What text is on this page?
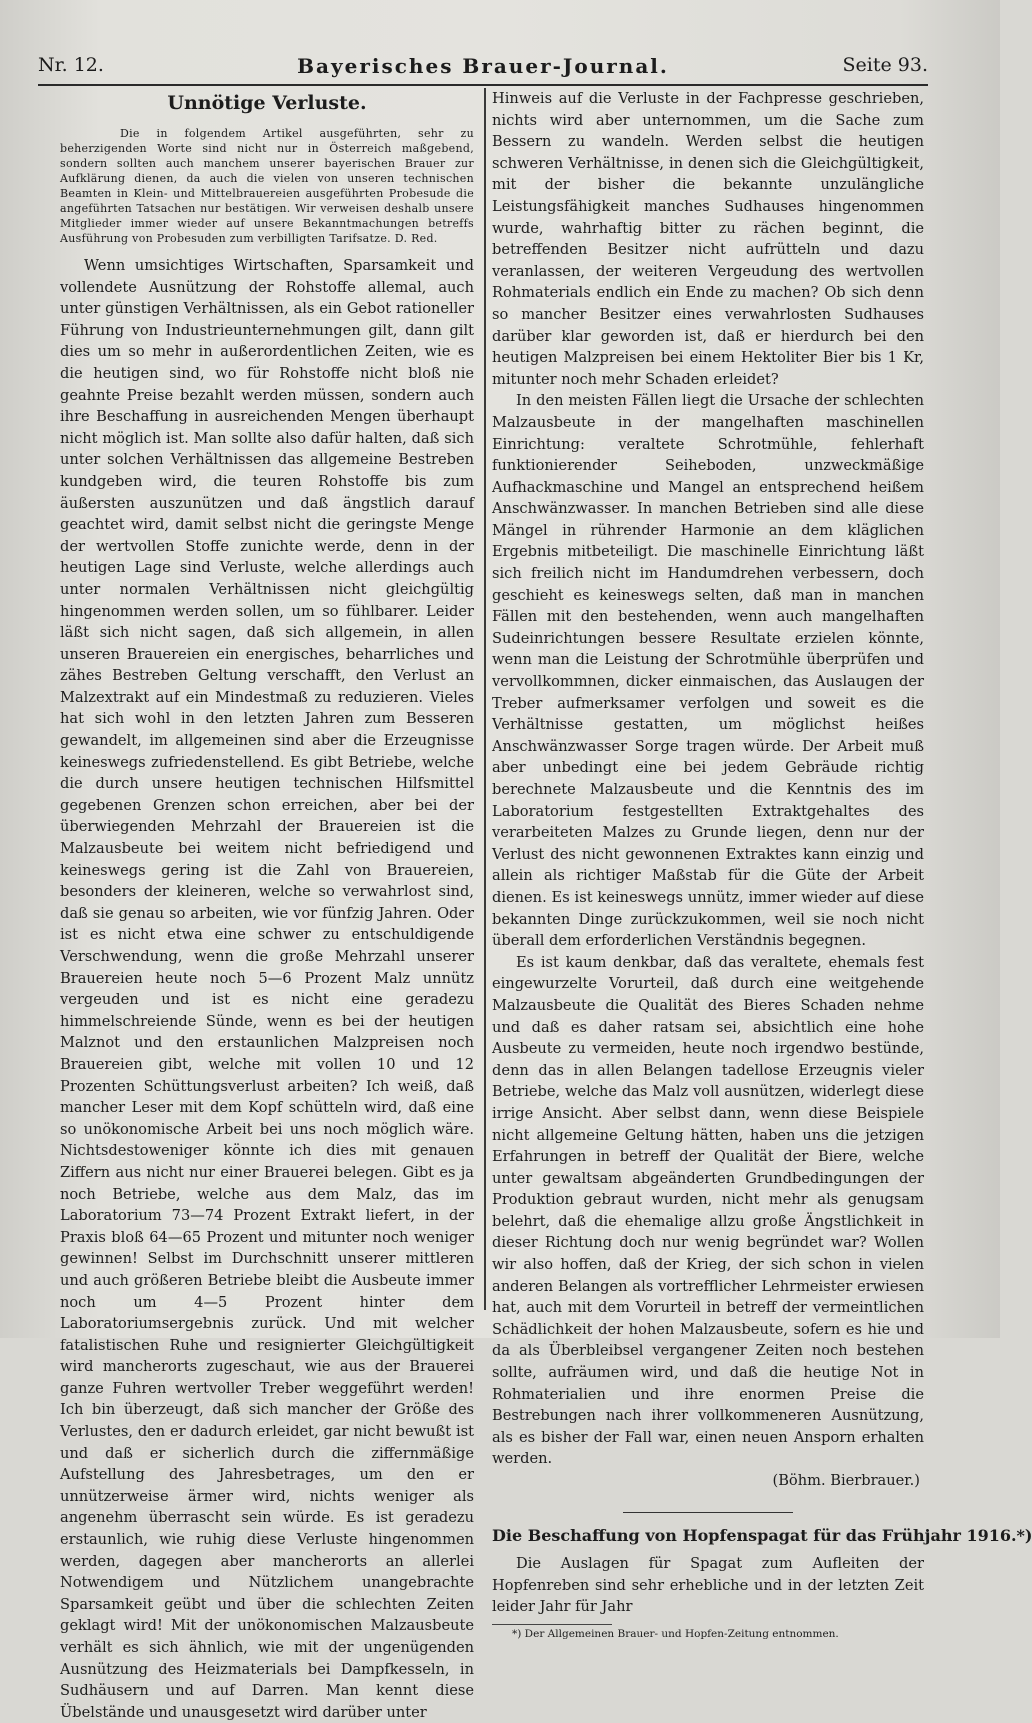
Nr. 12.	Bayerisches Brauer-Journal.	Seite 93.
Unnötige Verluste.

Die in folgendem Artikel ausgeführten, sehr zu beherzigenden Worte sind nicht nur in Österreich maßgebend, sondern sollten auch manchem unserer bayerischen Brauer zur Aufklärung dienen, da auch die vielen von unseren technischen Beamten in Klein- und Mittelbrauereien ausgeführten Probesude die angeführten Tatsachen nur bestätigen. Wir verweisen deshalb unsere Mitglieder immer wieder auf unsere Bekanntmachungen betreffs Ausführung von Probesuden zum verbilligten Tarifsatze. D. Red.

Wenn umsichtiges Wirtschaften, Sparsamkeit und vollendete Ausnützung der Rohstoffe allemal, auch unter günstigen Verhältnissen, als ein Gebot rationeller Führung von Industrieunternehmungen gilt, dann gilt dies um so mehr in außerordentlichen Zeiten, wie es die heutigen sind, wo für Rohstoffe nicht bloß nie geahnte Preise bezahlt werden müssen, sondern auch ihre Beschaffung in ausreichenden Mengen überhaupt nicht möglich ist. Man sollte also dafür halten, daß sich unter solchen Verhältnissen das allgemeine Bestreben kundgeben wird, die teuren Rohstoffe bis zum äußersten auszunützen und daß ängstlich darauf geachtet wird, damit selbst nicht die geringste Menge der wertvollen Stoffe zunichte werde, denn in der heutigen Lage sind Verluste, welche allerdings auch unter normalen Verhältnissen nicht gleichgültig hingenommen werden sollen, um so fühlbarer. Leider läßt sich nicht sagen, daß sich allgemein, in allen unseren Brauereien ein energisches, beharrliches und zähes Bestreben Geltung verschafft, den Verlust an Malzextrakt auf ein Mindestmaß zu reduzieren. Vieles hat sich wohl in den letzten Jahren zum Besseren gewandelt, im allgemeinen sind aber die Erzeugnisse keineswegs zufriedenstellend. Es gibt Betriebe, welche die durch unsere heutigen technischen Hilfsmittel gegebenen Grenzen schon erreichen, aber bei der überwiegenden Mehrzahl der Brauereien ist die Malzausbeute bei weitem nicht befriedigend und keineswegs gering ist die Zahl von Brauereien, besonders der kleineren, welche so verwahrlost sind, daß sie genau so arbeiten, wie vor fünfzig Jahren. Oder ist es nicht etwa eine schwer zu entschuldigende Verschwendung, wenn die große Mehrzahl unserer Brauereien heute noch 5—6 Prozent Malz unnütz vergeuden und ist es nicht eine geradezu himmelschreiende Sünde, wenn es bei der heutigen Malznot und den erstaunlichen Malzpreisen noch Brauereien gibt, welche mit vollen 10 und 12 Prozenten Schüttungsverlust arbeiten? Ich weiß, daß mancher Leser mit dem Kopf schütteln wird, daß eine so unökonomische Arbeit bei uns noch möglich wäre. Nichtsdestoweniger könnte ich dies mit genauen Ziffern aus nicht nur einer Brauerei belegen. Gibt es ja noch Betriebe, welche aus dem Malz, das im Laboratorium 73—74 Prozent Extrakt liefert, in der Praxis bloß 64—65 Prozent und mitunter noch weniger gewinnen! Selbst im Durchschnitt unserer mittleren und auch größeren Betriebe bleibt die Ausbeute immer noch um 4—5 Prozent hinter dem Laboratoriumsergebnis zurück. Und mit welcher fatalistischen Ruhe und resignierter Gleichgültigkeit wird mancherorts zugeschaut, wie aus der Brauerei ganze Fuhren wertvoller Treber weggeführt werden! Ich bin überzeugt, daß sich mancher der Größe des Verlustes, den er dadurch erleidet, gar nicht bewußt ist und daß er sicherlich durch die ziffernmäßige Aufstellung des Jahresbetrages, um den er unnützerweise ärmer wird, nichts weniger als angenehm überrascht sein würde. Es ist geradezu erstaunlich, wie ruhig diese Verluste hingenommen werden, dagegen aber mancherorts an allerlei Notwendigem und Nützlichem unangebrachte Sparsamkeit geübt und über die schlechten Zeiten geklagt wird! Mit der unökonomischen Malzausbeute verhält es sich ähnlich, wie mit der ungenügenden Ausnützung des Heizmaterials bei Dampfkesseln, in Sudhäusern und auf Darren. Man kennt diese Übelstände und unausgesetzt wird darüber unter

Hinweis auf die Verluste in der Fachpresse geschrieben, nichts wird aber unternommen, um die Sache zum Bessern zu wandeln. Werden selbst die heutigen schweren Verhältnisse, in denen sich die Gleichgültigkeit, mit der bisher die bekannte unzulängliche Leistungsfähigkeit manches Sudhauses hingenommen wurde, wahrhaftig bitter zu rächen beginnt, die betreffenden Besitzer nicht aufrütteln und dazu veranlassen, der weiteren Vergeudung des wertvollen Rohmaterials endlich ein Ende zu machen? Ob sich denn so mancher Besitzer eines verwahrlosten Sudhauses darüber klar geworden ist, daß er hierdurch bei den heutigen Malzpreisen bei einem Hektoliter Bier bis 1 Kr, mitunter noch mehr Schaden erleidet?

In den meisten Fällen liegt die Ursache der schlechten Malzausbeute in der mangelhaften maschinellen Einrichtung: veraltete Schrotmühle, fehlerhaft funktionierender Seiheboden, unzweckmäßige Aufhackmaschine und Mangel an entsprechend heißem Anschwänzwasser. In manchen Betrieben sind alle diese Mängel in rührender Harmonie an dem kläglichen Ergebnis mitbeteiligt. Die maschinelle Einrichtung läßt sich freilich nicht im Handumdrehen verbessern, doch geschieht es keineswegs selten, daß man in manchen Fällen mit den bestehenden, wenn auch mangelhaften Sudeinrichtungen bessere Resultate erzielen könnte, wenn man die Leistung der Schrotmühle überprüfen und vervollkommnen, dicker einmaischen, das Auslaugen der Treber aufmerksamer verfolgen und soweit es die Verhältnisse gestatten, um möglichst heißes Anschwänzwasser Sorge tragen würde. Der Arbeit muß aber unbedingt eine bei jedem Gebräude richtig berechnete Malzausbeute und die Kenntnis des im Laboratorium festgestellten Extraktgehaltes des verarbeiteten Malzes zu Grunde liegen, denn nur der Verlust des nicht gewonnenen Extraktes kann einzig und allein als richtiger Maßstab für die Güte der Arbeit dienen. Es ist keineswegs unnütz, immer wieder auf diese bekannten Dinge zurückzukommen, weil sie noch nicht überall dem erforderlichen Verständnis begegnen.

Es ist kaum denkbar, daß das veraltete, ehemals fest eingewurzelte Vorurteil, daß durch eine weitgehende Malzausbeute die Qualität des Bieres Schaden nehme und daß es daher ratsam sei, absichtlich eine hohe Ausbeute zu vermeiden, heute noch irgendwo bestünde, denn das in allen Belangen tadellose Erzeugnis vieler Betriebe, welche das Malz voll ausnützen, widerlegt diese irrige Ansicht. Aber selbst dann, wenn diese Beispiele nicht allgemeine Geltung hätten, haben uns die jetzigen Erfahrungen in betreff der Qualität der Biere, welche unter gewaltsam abgeänderten Grundbedingungen der Produktion gebraut wurden, nicht mehr als genugsam belehrt, daß die ehemalige allzu große Ängstlichkeit in dieser Richtung doch nur wenig begründet war? Wollen wir also hoffen, daß der Krieg, der sich schon in vielen anderen Belangen als vortrefflicher Lehrmeister erwiesen hat, auch mit dem Vorurteil in betreff der vermeintlichen Schädlichkeit der hohen Malzausbeute, sofern es hie und da als Überbleibsel vergangener Zeiten noch bestehen sollte, aufräumen wird, und daß die heutige Not in Rohmaterialien und ihre enormen Preise die Bestrebungen nach ihrer vollkommeneren Ausnützung, als es bisher der Fall war, einen neuen Ansporn erhalten werden.

(Böhm. Bierbrauer.)

Die Beschaffung von Hopfenspagat für das Frühjahr 1916.*)

Die Auslagen für Spagat zum Aufleiten der Hopfenreben sind sehr erhebliche und in der letzten Zeit leider Jahr für Jahr

*) Der Allgemeinen Brauer- und Hopfen-Zeitung entnommen.
